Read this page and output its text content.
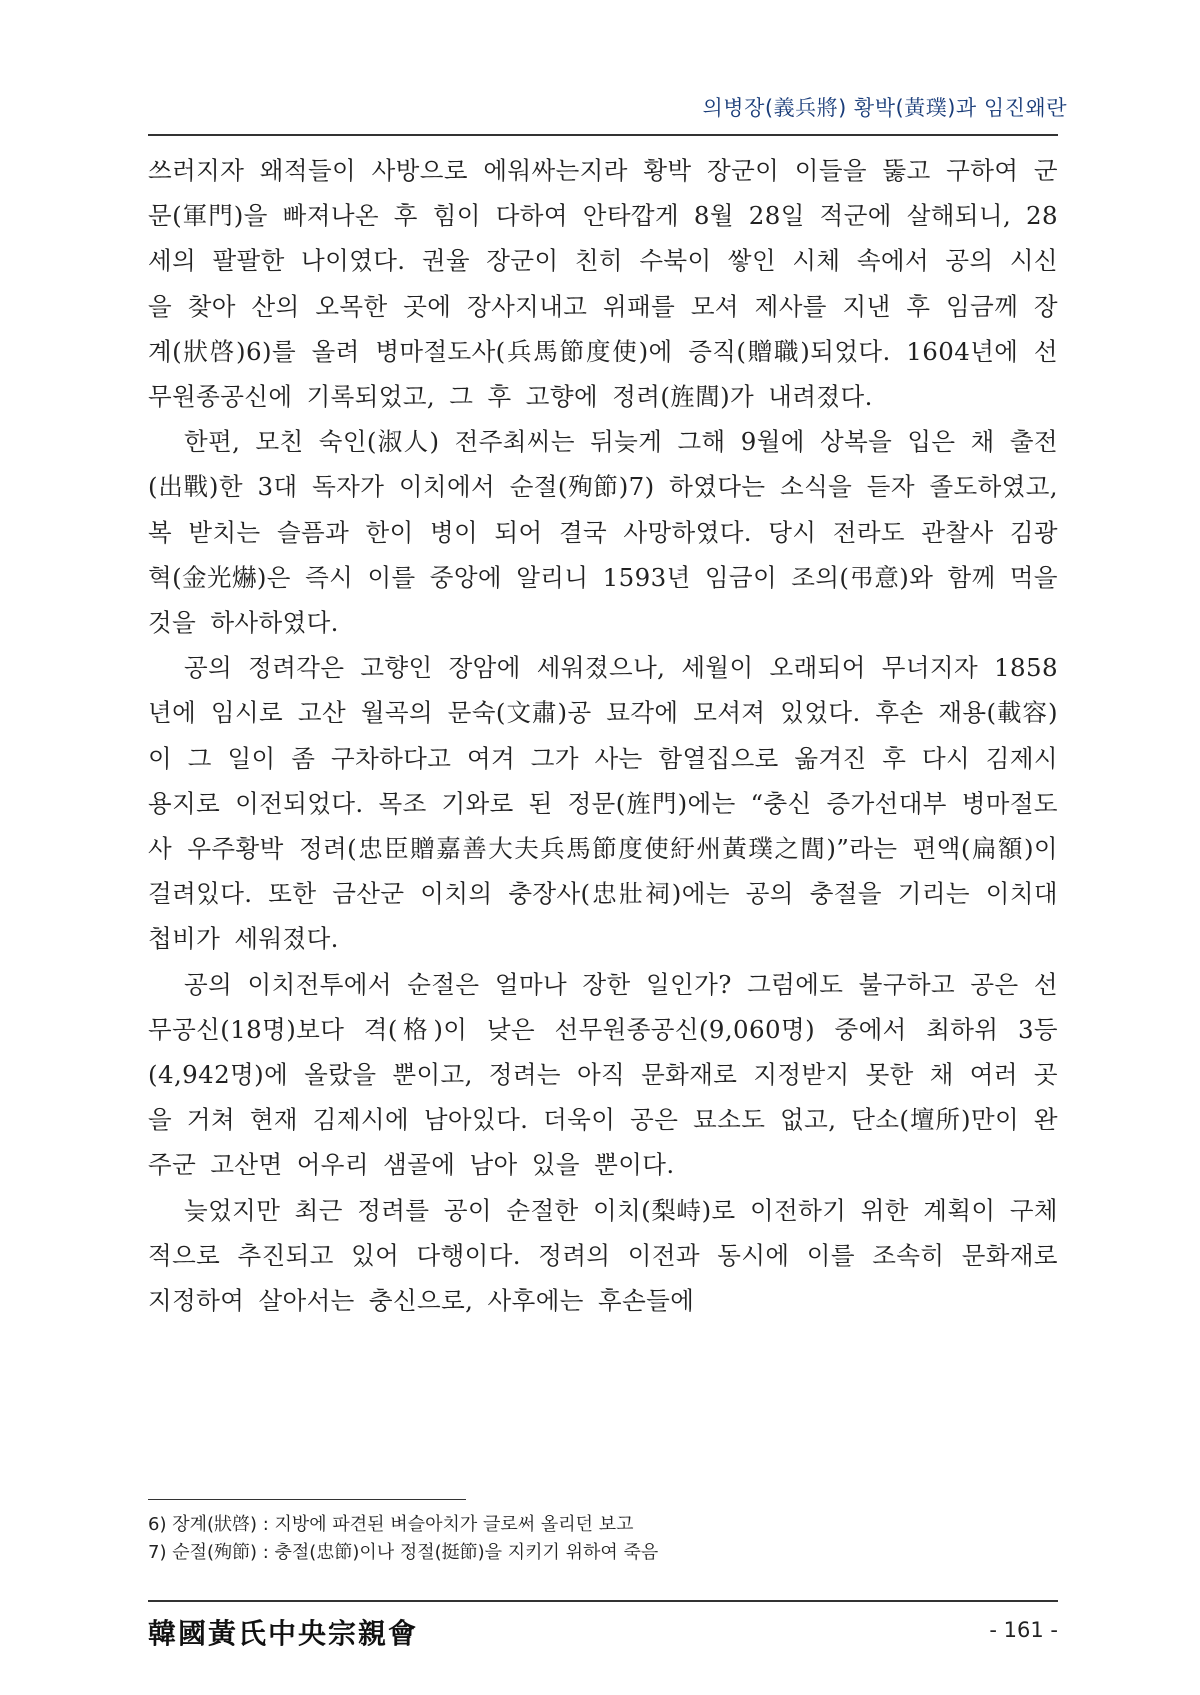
의병장(義兵將) 황박(黃璞)과 임진왜란

쓰러지자 왜적들이 사방으로 에워싸는지라 황박 장군이 이들을 뚫고 구하여 군문(軍門)을 빠져나온 후 힘이 다하여 안타깝게 8월 28일 적군에 살해되니, 28세의 팔팔한 나이였다. 권율 장군이 친히 수북이 쌓인 시체 속에서 공의 시신을 찾아 산의 오목한 곳에 장사지내고 위패를 모셔 제사를 지낸 후 임금께 장계(狀啓)6)를 올려 병마절도사(兵馬節度使)에 증직(贈職)되었다. 1604년에 선무원종공신에 기록되었고, 그 후 고향에 정려(旌閭)가 내려졌다.

한편, 모친 숙인(淑人) 전주최씨는 뒤늦게 그해 9월에 상복을 입은 채 출전(出戰)한 3대 독자가 이치에서 순절(殉節)7) 하였다는 소식을 듣자 졸도하였고, 복 받치는 슬픔과 한이 병이 되어 결국 사망하였다. 당시 전라도 관찰사 김광혁(金光爀)은 즉시 이를 중앙에 알리니 1593년 임금이 조의(弔意)와 함께 먹을 것을 하사하였다.

공의 정려각은 고향인 장암에 세워졌으나, 세월이 오래되어 무너지자 1858년에 임시로 고산 월곡의 문숙(文肅)공 묘각에 모셔져 있었다. 후손 재용(載容)이 그 일이 좀 구차하다고 여겨 그가 사는 함열집으로 옮겨진 후 다시 김제시 용지로 이전되었다. 목조 기와로 된 정문(旌門)에는 “충신 증가선대부 병마절도사 우주황박 정려(忠臣贈嘉善大夫兵馬節度使紆州黃璞之閭)”라는 편액(扁額)이 걸려있다. 또한 금산군 이치의 충장사(忠壯祠)에는 공의 충절을 기리는 이치대첩비가 세워졌다.

공의 이치전투에서 순절은 얼마나 장한 일인가? 그럼에도 불구하고 공은 선무공신(18명)보다 격(格)이 낮은 선무원종공신(9,060명) 중에서 최하위 3등(4,942명)에 올랐을 뿐이고, 정려는 아직 문화재로 지정받지 못한 채 여러 곳을 거쳐 현재 김제시에 남아있다. 더욱이 공은 묘소도 없고, 단소(壇所)만이 완주군 고산면 어우리 샘골에 남아 있을 뿐이다.

늦었지만 최근 정려를 공이 순절한 이치(梨峙)로 이전하기 위한 계획이 구체적으로 추진되고 있어 다행이다. 정려의 이전과 동시에 이를 조속히 문화재로 지정하여 살아서는 충신으로, 사후에는 후손들에

6) 장계(狀啓) : 지방에 파견된 벼슬아치가 글로써 올리던 보고
7) 순절(殉節) : 충절(忠節)이나 정절(挺節)을 지키기 위하여 죽음
韓國黃氏中央宗親會	- 161 -
